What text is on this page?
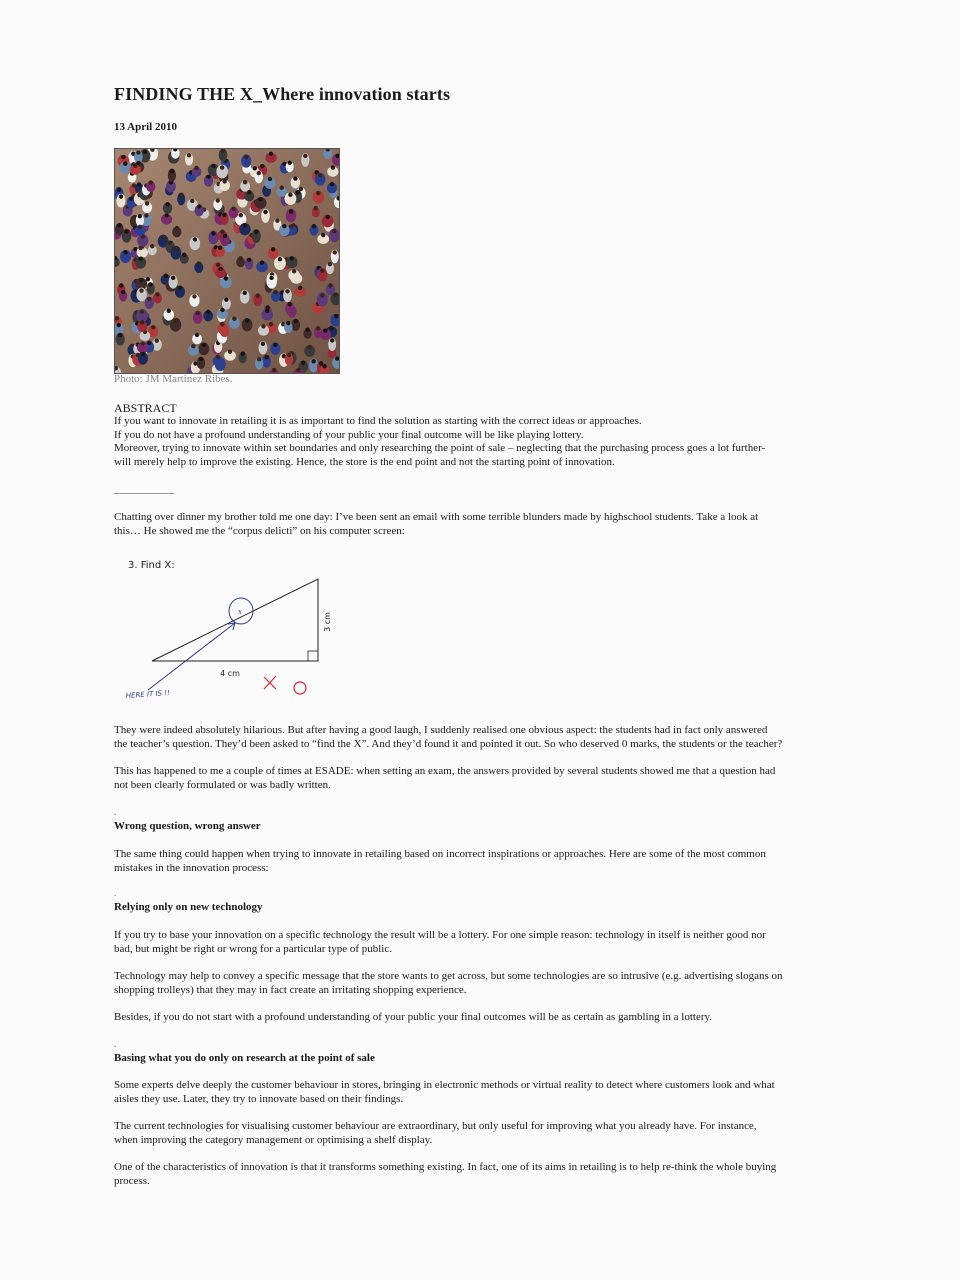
FINDING THE X_Where innovation starts
13 April 2010
Photo: JM Martinez Ribes.
ABSTRACT

If you want to innovate in retailing it is as important to find the solution as starting with the correct ideas or approaches.
If you do not have a profound understanding of your public your final outcome will be like playing lottery.
Moreover, trying to innovate within set boundaries and only researching the point of sale – neglecting that the purchasing process goes a lot further-
will merely help to improve the existing. Hence, the store is the end point and not the starting point of innovation.

Chatting over dinner my brother told me one day: I’ve been sent an email with some terrible blunders made by highschool students. Take a look at
this… He showed me the “corpus delicti” on his computer screen:

3. Find X:
4 cm
3 cm
x
HERE IT IS !!

They were indeed absolutely hilarious. But after having a good laugh, I suddenly realised one obvious aspect: the students had in fact only answered
the teacher’s question. They’d been asked to “find the X”. And they’d found it and pointed it out. So who deserved 0 marks, the students or the teacher?

This has happened to me a couple of times at ESADE: when setting an exam, the answers provided by several students showed me that a question had
not been clearly formulated or was badly written.

.
Wrong question, wrong answer

The same thing could happen when trying to innovate in retailing based on incorrect inspirations or approaches. Here are some of the most common
mistakes in the innovation process:

.
Relying only on new technology

If you try to base your innovation on a specific technology the result will be a lottery. For one simple reason: technology in itself is neither good nor
bad, but might be right or wrong for a particular type of public.

Technology may help to convey a specific message that the store wants to get across, but some technologies are so intrusive (e.g. advertising slogans on
shopping trolleys) that they may in fact create an irritating shopping experience.

Besides, if you do not start with a profound understanding of your public your final outcomes will be as certain as gambling in a lottery.

.
Basing what you do only on research at the point of sale

Some experts delve deeply the customer behaviour in stores, bringing in electronic methods or virtual reality to detect where customers look and what
aisles they use. Later, they try to innovate based on their findings.

The current technologies for visualising customer behaviour are extraordinary, but only useful for improving what you already have. For instance,
when improving the category management or optimising a shelf display.

One of the characteristics of innovation is that it transforms something existing. In fact, one of its aims in retailing is to help re-think the whole buying
process.
